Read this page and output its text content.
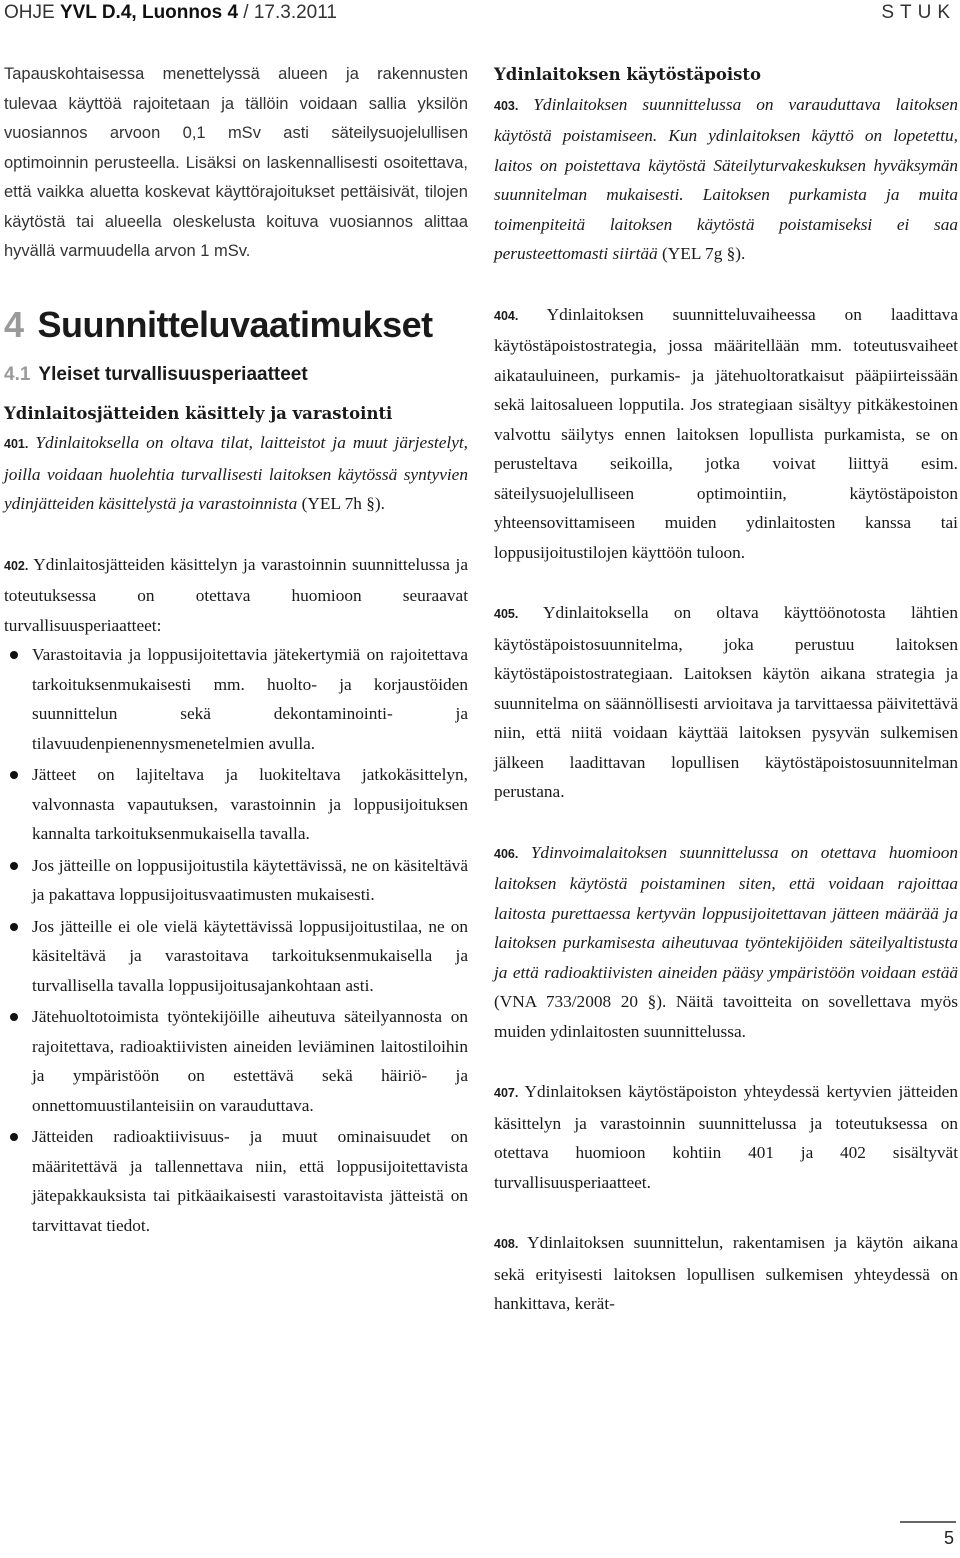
OHJE YVL D.4, Luonnos 4 / 17.3.2011	STUK

Tapauskohtaisessa menettelyssä alueen ja rakennusten tulevaa käyttöä rajoitetaan ja tällöin voidaan sallia yksilön vuosiannos arvoon 0,1 mSv asti säteilysuojelullisen optimoinnin perusteella. Lisäksi on laskennallisesti osoitettava, että vaikka aluetta koskevat käyttörajoitukset pettäisivät, tilojen käytöstä tai alueella oleskelusta koituva vuosiannos alittaa hyvällä varmuudella arvon 1 mSv.

4 Suunnitteluvaatimukset
4.1 Yleiset turvallisuusperiaatteet

Ydinlaitosjätteiden käsittely ja varastointi

401. Ydinlaitoksella on oltava tilat, laitteistot ja muut järjestelyt, joilla voidaan huolehtia turvallisesti laitoksen käytössä syntyvien ydinjätteiden käsittelystä ja varastoinnista (YEL 7h §).

402. Ydinlaitosjätteiden käsittelyn ja varastoinnin suunnittelussa ja toteutuksessa on otettava huomioon seuraavat turvallisuusperiaatteet:

Varastoitavia ja loppusijoitettavia jätekertymiä on rajoitettava tarkoituksenmukaisesti mm. huolto- ja korjaustöiden suunnittelun sekä dekontaminointi- ja tilavuudenpienennysmenetelmien avulla.
Jätteet on lajiteltava ja luokiteltava jatkokäsittelyn, valvonnasta vapautuksen, varastoinnin ja loppusijoituksen kannalta tarkoituksenmukaisella tavalla.
Jos jätteille on loppusijoitustila käytettävissä, ne on käsiteltävä ja pakattava loppusijoitusvaatimusten mukaisesti.
Jos jätteille ei ole vielä käytettävissä loppusijoitustilaa, ne on käsiteltävä ja varastoitava tarkoituksenmukaisella ja turvallisella tavalla loppusijoitusajankohtaan asti.
Jätehuoltotoimista työntekijöille aiheutuva säteilyannosta on rajoitettava, radioaktiivisten aineiden leviäminen laitostiloihin ja ympäristöön on estettävä sekä häiriö- ja onnettomuustilanteisiin on varauduttava.
Jätteiden radioaktiivisuus- ja muut ominaisuudet on määritettävä ja tallennettava niin, että loppusijoitettavista jätepakkauksista tai pitkäaikaisesti varastoitavista jätteistä on tarvittavat tiedot.

Ydinlaitoksen käytöstäpoisto

403. Ydinlaitoksen suunnittelussa on varauduttava laitoksen käytöstä poistamiseen. Kun ydinlaitoksen käyttö on lopetettu, laitos on poistettava käytöstä Säteilyturvakeskuksen hyväksymän suunnitelman mukaisesti. Laitoksen purkamista ja muita toimenpiteitä laitoksen käytöstä poistamiseksi ei saa perusteettomasti siirtää (YEL 7g §).

404. Ydinlaitoksen suunnitteluvaiheessa on laadittava käytöstäpoistostrategia, jossa määritellään mm. toteutusvaiheet aikatauluineen, purkamis- ja jätehuoltoratkaisut pääpiirteissään sekä laitosalueen lopputila. Jos strategiaan sisältyy pitkäkestoinen valvottu säilytys ennen laitoksen lopullista purkamista, se on perusteltava seikoilla, jotka voivat liittyä esim. säteilysuojelulliseen optimointiin, käytöstäpoiston yhteensovittamiseen muiden ydinlaitosten kanssa tai loppusijoitustilojen käyttöön tuloon.

405. Ydinlaitoksella on oltava käyttöönotosta lähtien käytöstäpoistosuunnitelma, joka perustuu laitoksen käytöstäpoistostrategiaan. Laitoksen käytön aikana strategia ja suunnitelma on säännöllisesti arvioitava ja tarvittaessa päivitettävä niin, että niitä voidaan käyttää laitoksen pysyvän sulkemisen jälkeen laadittavan lopullisen käytöstäpoistosuunnitelman perustana.

406. Ydinvoimalaitoksen suunnittelussa on otettava huomioon laitoksen käytöstä poistaminen siten, että voidaan rajoittaa laitosta purettaessa kertyvän loppusijoitettavan jätteen määrää ja laitoksen purkamisesta aiheutuvaa työntekijöiden säteilyaltistusta ja että radioaktiivisten aineiden pääsy ympäristöön voidaan estää (VNA 733/2008 20 §). Näitä tavoitteita on sovellettava myös muiden ydinlaitosten suunnittelussa.

407. Ydinlaitoksen käytöstäpoiston yhteydessä kertyvien jätteiden käsittelyn ja varastoinnin suunnittelussa ja toteutuksessa on otettava huomioon kohtiin 401 ja 402 sisältyvät turvallisuusperiaatteet.

408. Ydinlaitoksen suunnittelun, rakentamisen ja käytön aikana sekä erityisesti laitoksen lopullisen sulkemisen yhteydessä on hankittava, kerät-

5
